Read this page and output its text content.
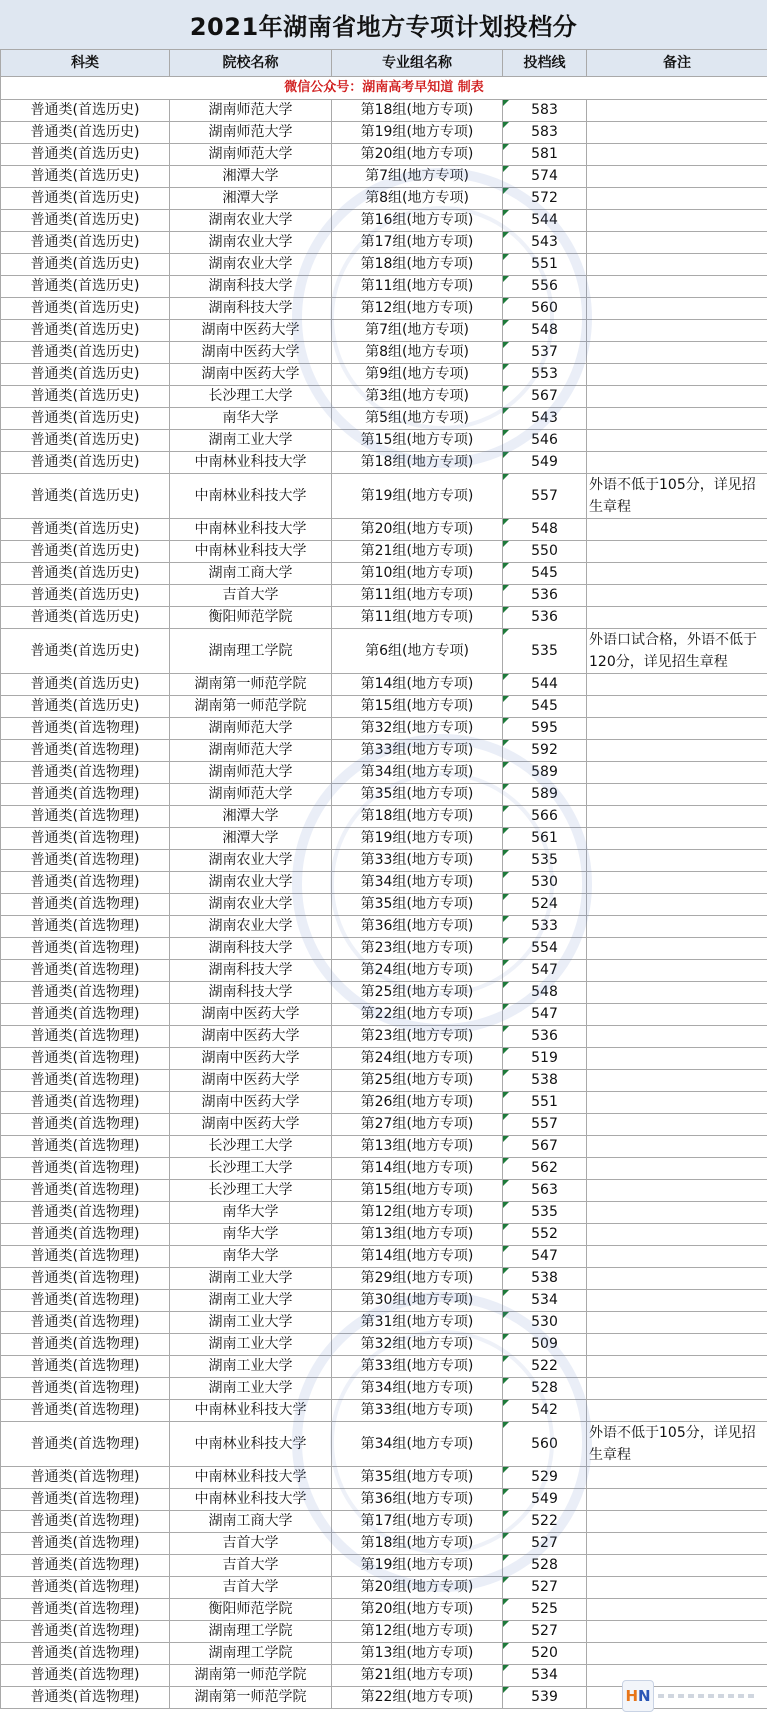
2021年湖南省地方专项计划投档分
科类	院校名称	专业组名称	投档线	备注
微信公众号：湖南高考早知道 制表				
普通类(首选历史)	湖南师范大学	第18组(地方专项)	583	
普通类(首选历史)	湖南师范大学	第19组(地方专项)	583	
普通类(首选历史)	湖南师范大学	第20组(地方专项)	581	
普通类(首选历史)	湘潭大学	第7组(地方专项)	574	
普通类(首选历史)	湘潭大学	第8组(地方专项)	572	
普通类(首选历史)	湖南农业大学	第16组(地方专项)	544	
普通类(首选历史)	湖南农业大学	第17组(地方专项)	543	
普通类(首选历史)	湖南农业大学	第18组(地方专项)	551	
普通类(首选历史)	湖南科技大学	第11组(地方专项)	556	
普通类(首选历史)	湖南科技大学	第12组(地方专项)	560	
普通类(首选历史)	湖南中医药大学	第7组(地方专项)	548	
普通类(首选历史)	湖南中医药大学	第8组(地方专项)	537	
普通类(首选历史)	湖南中医药大学	第9组(地方专项)	553	
普通类(首选历史)	长沙理工大学	第3组(地方专项)	567	
普通类(首选历史)	南华大学	第5组(地方专项)	543	
普通类(首选历史)	湖南工业大学	第15组(地方专项)	546	
普通类(首选历史)	中南林业科技大学	第18组(地方专项)	549	
普通类(首选历史)	中南林业科技大学	第19组(地方专项)	557	外语不低于105分，详见招生章程
普通类(首选历史)	中南林业科技大学	第20组(地方专项)	548	
普通类(首选历史)	中南林业科技大学	第21组(地方专项)	550	
普通类(首选历史)	湖南工商大学	第10组(地方专项)	545	
普通类(首选历史)	吉首大学	第11组(地方专项)	536	
普通类(首选历史)	衡阳师范学院	第11组(地方专项)	536	
普通类(首选历史)	湖南理工学院	第6组(地方专项)	535	外语口试合格，外语不低于120分，详见招生章程
普通类(首选历史)	湖南第一师范学院	第14组(地方专项)	544	
普通类(首选历史)	湖南第一师范学院	第15组(地方专项)	545	
普通类(首选物理)	湖南师范大学	第32组(地方专项)	595	
普通类(首选物理)	湖南师范大学	第33组(地方专项)	592	
普通类(首选物理)	湖南师范大学	第34组(地方专项)	589	
普通类(首选物理)	湖南师范大学	第35组(地方专项)	589	
普通类(首选物理)	湘潭大学	第18组(地方专项)	566	
普通类(首选物理)	湘潭大学	第19组(地方专项)	561	
普通类(首选物理)	湖南农业大学	第33组(地方专项)	535	
普通类(首选物理)	湖南农业大学	第34组(地方专项)	530	
普通类(首选物理)	湖南农业大学	第35组(地方专项)	524	
普通类(首选物理)	湖南农业大学	第36组(地方专项)	533	
普通类(首选物理)	湖南科技大学	第23组(地方专项)	554	
普通类(首选物理)	湖南科技大学	第24组(地方专项)	547	
普通类(首选物理)	湖南科技大学	第25组(地方专项)	548	
普通类(首选物理)	湖南中医药大学	第22组(地方专项)	547	
普通类(首选物理)	湖南中医药大学	第23组(地方专项)	536	
普通类(首选物理)	湖南中医药大学	第24组(地方专项)	519	
普通类(首选物理)	湖南中医药大学	第25组(地方专项)	538	
普通类(首选物理)	湖南中医药大学	第26组(地方专项)	551	
普通类(首选物理)	湖南中医药大学	第27组(地方专项)	557	
普通类(首选物理)	长沙理工大学	第13组(地方专项)	567	
普通类(首选物理)	长沙理工大学	第14组(地方专项)	562	
普通类(首选物理)	长沙理工大学	第15组(地方专项)	563	
普通类(首选物理)	南华大学	第12组(地方专项)	535	
普通类(首选物理)	南华大学	第13组(地方专项)	552	
普通类(首选物理)	南华大学	第14组(地方专项)	547	
普通类(首选物理)	湖南工业大学	第29组(地方专项)	538	
普通类(首选物理)	湖南工业大学	第30组(地方专项)	534	
普通类(首选物理)	湖南工业大学	第31组(地方专项)	530	
普通类(首选物理)	湖南工业大学	第32组(地方专项)	509	
普通类(首选物理)	湖南工业大学	第33组(地方专项)	522	
普通类(首选物理)	湖南工业大学	第34组(地方专项)	528	
普通类(首选物理)	中南林业科技大学	第33组(地方专项)	542	
普通类(首选物理)	中南林业科技大学	第34组(地方专项)	560	外语不低于105分，详见招生章程
普通类(首选物理)	中南林业科技大学	第35组(地方专项)	529	
普通类(首选物理)	中南林业科技大学	第36组(地方专项)	549	
普通类(首选物理)	湖南工商大学	第17组(地方专项)	522	
普通类(首选物理)	吉首大学	第18组(地方专项)	527	
普通类(首选物理)	吉首大学	第19组(地方专项)	528	
普通类(首选物理)	吉首大学	第20组(地方专项)	527	
普通类(首选物理)	衡阳师范学院	第20组(地方专项)	525	
普通类(首选物理)	湖南理工学院	第12组(地方专项)	527	
普通类(首选物理)	湖南理工学院	第13组(地方专项)	520	
普通类(首选物理)	湖南第一师范学院	第21组(地方专项)	534	
普通类(首选物理)	湖南第一师范学院	第22组(地方专项)	539		H N
